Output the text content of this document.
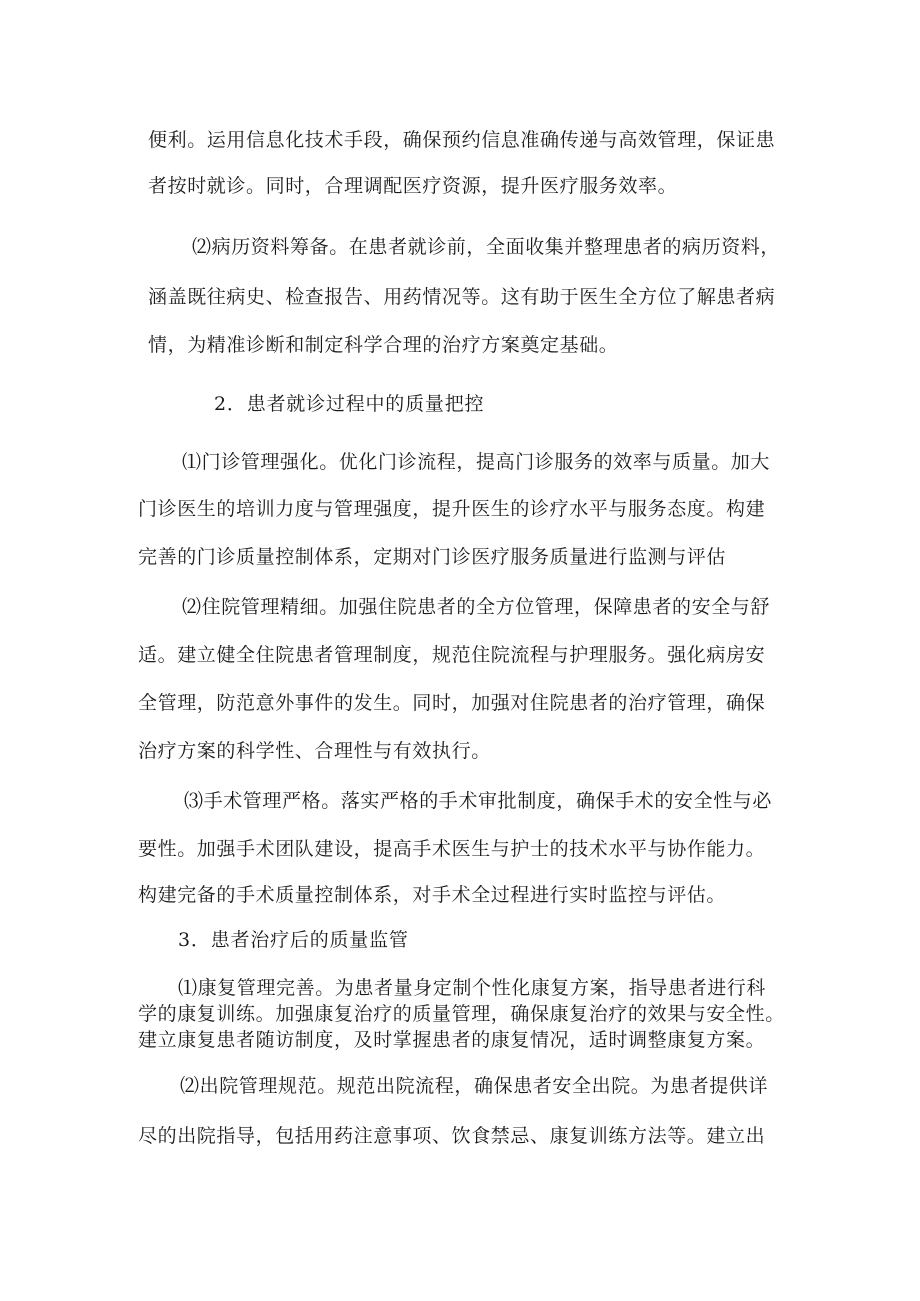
便利。运用信息化技术手段，确保预约信息准确传递与高效管理，保证患
者按时就诊。同时，合理调配医疗资源，提升医疗服务效率。
⑵病历资料筹备。在患者就诊前，全面收集并整理患者的病历资料，
涵盖既往病史、检查报告、用药情况等。这有助于医生全方位了解患者病
情，为精准诊断和制定科学合理的治疗方案奠定基础。
2．患者就诊过程中的质量把控
⑴门诊管理强化。优化门诊流程，提高门诊服务的效率与质量。加大
门诊医生的培训力度与管理强度，提升医生的诊疗水平与服务态度。构建
完善的门诊质量控制体系，定期对门诊医疗服务质量进行监测与评估
⑵住院管理精细。加强住院患者的全方位管理，保障患者的安全与舒
适。建立健全住院患者管理制度，规范住院流程与护理服务。强化病房安
全管理，防范意外事件的发生。同时，加强对住院患者的治疗管理，确保
治疗方案的科学性、合理性与有效执行。
⑶手术管理严格。落实严格的手术审批制度，确保手术的安全性与必
要性。加强手术团队建设，提高手术医生与护士的技术水平与协作能力。
构建完备的手术质量控制体系，对手术全过程进行实时监控与评估。
3．患者治疗后的质量监管
⑴康复管理完善。为患者量身定制个性化康复方案，指导患者进行科
学的康复训练。加强康复治疗的质量管理，确保康复治疗的效果与安全性。
建立康复患者随访制度，及时掌握患者的康复情况，适时调整康复方案。
⑵出院管理规范。规范出院流程，确保患者安全出院。为患者提供详
尽的出院指导，包括用药注意事项、饮食禁忌、康复训练方法等。建立出
